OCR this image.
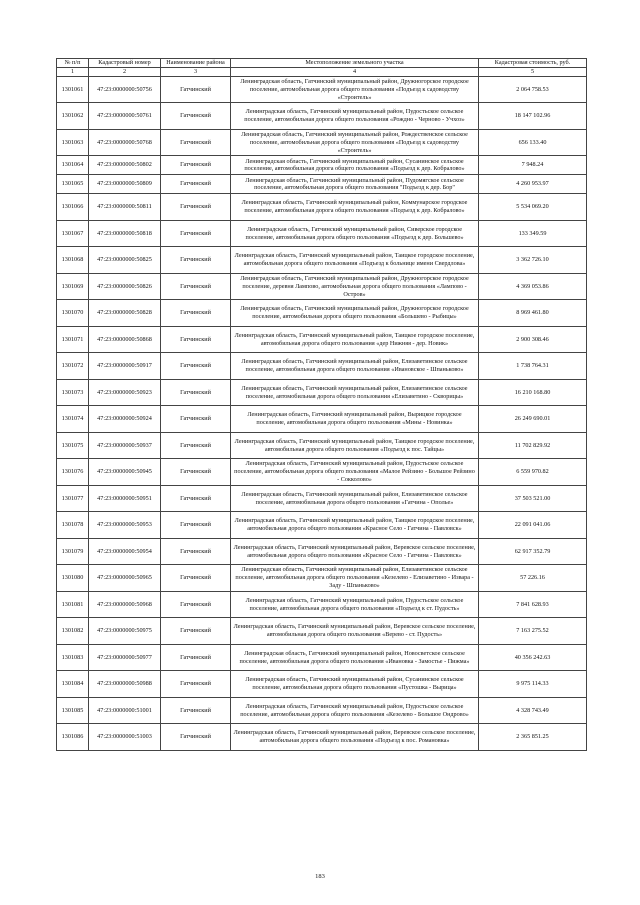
№ п/п	Кадастровый номер	Наименование района	Местоположение земельного участка	Кадастровая стоимость, руб.
1	2	3	4	5
1301061	47:23:0000000:50756	Гатчинский	Ленинградская область, Гатчинский муниципальный район, Дружногорское городское поселение, автомобильная дорога общего пользования «Подъезд к садоводству «Строитель»	2 064 758.53
1301062	47:23:0000000:50761	Гатчинский	Ленинградская область, Гатчинский муниципальный район, Пудостьское сельское поселение, автомобильная дорога общего пользования «Рождно - Черново - Учхоз»	18 147 102.96
1301063	47:23:0000000:50768	Гатчинский	Ленинградская область, Гатчинский муниципальный район, Рождественское сельское поселение, автомобильная дорога общего пользования «Подъезд к садоводству «Строитель»	656 133.40
1301064	47:23:0000000:50802	Гатчинский	Ленинградская область, Гатчинский муниципальный район, Сусанинское сельское поселение, автомобильная дорога общего пользования «Подъезд к дер. Кобралово»	7 948.24
1301065	47:23:0000000:50809	Гатчинский	Ленинградская область, Гатчинский муниципальный район, Пудомягское сельское поселение, автомобильная дорога общего пользования "Подъезд к дер. Бор"	4 260 953.97
1301066	47:23:0000000:50811	Гатчинский	Ленинградская область, Гатчинский муниципальный район, Коммунарское городское поселение, автомобильная дорога общего пользования «Подъезд к дер. Кобралово»	5 534 069.20
1301067	47:23:0000000:50818	Гатчинский	Ленинградская область, Гатчинский муниципальный район, Сиверское городское поселение, автомобильная дорога общего пользования «Подъезд к дер. Большево»	133 349.59
1301068	47:23:0000000:50825	Гатчинский	Ленинградская область, Гатчинский муниципальный район, Таицкое городское поселение, автомобильная дорога общего пользования «Подъезд к больнице имени Свердлова»	3 362 726.10
1301069	47:23:0000000:50826	Гатчинский	Ленинградская область, Гатчинский муниципальный район, Дружногорское городское поселение, деревня Лампово, автомобильная дорога общего пользования «Лампово - Остров»	4 369 053.86
1301070	47:23:0000000:50828	Гатчинский	Ленинградская область, Гатчинский муниципальный район, Дружногорское городское поселение, автомобильная дорога общего пользования «Большево - Рыбицы»	8 969 461.80
1301071	47:23:0000000:50868	Гатчинский	Ленинградская область, Гатчинский муниципальный район, Таицкое городское поселение, автомобильная дорога общего пользования «дер Нижняя - дер. Новик»	2 900 308.46
1301072	47:23:0000000:50917	Гатчинский	Ленинградская область, Гатчинский муниципальный район, Елизаветинское сельское поселение, автомобильная дорога общего пользования «Ивановское - Шпаньково»	1 738 764.31
1301073	47:23:0000000:50923	Гатчинский	Ленинградская область, Гатчинский муниципальный район, Елизаветинское сельское поселение, автомобильная дорога общего пользования «Елизаветино - Скворицы»	16 210 168.80
1301074	47:23:0000000:50924	Гатчинский	Ленинградская область, Гатчинский муниципальный район, Вырицкое городское поселение, автомобильная дорога общего пользования «Мины - Новинка»	26 249 690.01
1301075	47:23:0000000:50937	Гатчинский	Ленинградская область, Гатчинский муниципальный район, Таицкое городское поселение, автомобильная дорога общего пользования «Подъезд к пос. Тайцы»	11 702 829.92
1301076	47:23:0000000:50945	Гатчинский	Ленинградская область, Гатчинский муниципальный район, Пудостьское сельское поселение, автомобильная дорога общего пользования «Малое Рейзино - Большое Рейзино - Сокколово»	6 559 970.82
1301077	47:23:0000000:50951	Гатчинский	Ленинградская область, Гатчинский муниципальный район, Елизаветинское сельское поселение, автомобильная дорога общего пользования «Гатчина - Ополье»	37 503 521.00
1301078	47:23:0000000:50953	Гатчинский	Ленинградская область, Гатчинский муниципальный район, Таицкое городское поселение, автомобильная дорога общего пользования «Красное Село - Гатчина - Павловск»	22 091 041.06
1301079	47:23:0000000:50954	Гатчинский	Ленинградская область, Гатчинский муниципальный район, Веревское сельское поселение, автомобильная дорога общего пользования «Красное Село - Гатчина - Павловск»	62 917 352.79
1301080	47:23:0000000:50965	Гатчинский	Ленинградская область, Гатчинский муниципальный район, Елизаветинское сельское поселение, автомобильная дорога общего пользования «Кезелево - Елизаветино - Извара - Заду - Шпаньково»	57 226.16
1301081	47:23:0000000:50968	Гатчинский	Ленинградская область, Гатчинский муниципальный район, Пудостьское сельское поселение, автомобильная дорога общего пользования «Подъезд к ст. Пудость»	7 841 628.93
1301082	47:23:0000000:50975	Гатчинский	Ленинградская область, Гатчинский муниципальный район, Веревское сельское поселение, автомобильная дорога общего пользования «Верево - ст. Пудость»	7 163 275.52
1301083	47:23:0000000:50977	Гатчинский	Ленинградская область, Гатчинский муниципальный район, Новосветское сельское поселение, автомобильная дорога общего пользования «Ивановка - Замостье - Пижма»	40 356 242.63
1301084	47:23:0000000:50988	Гатчинский	Ленинградская область, Гатчинский муниципальный район, Сусанинское сельское поселение, автомобильная дорога общего пользования «Пустошка - Вырица»	9 975 114.33
1301085	47:23:0000000:51001	Гатчинский	Ленинградская область, Гатчинский муниципальный район, Пудостьское сельское поселение, автомобильная дорога общего пользования «Кезелево - Большое Ондрово»	4 328 743.49
1301086	47:23:0000000:51003	Гатчинский	Ленинградская область, Гатчинский муниципальный район, Веревское сельское поселение, автомобильная дорога общего пользования «Подъезд к пос. Романовка»	2 365 851.25
183
